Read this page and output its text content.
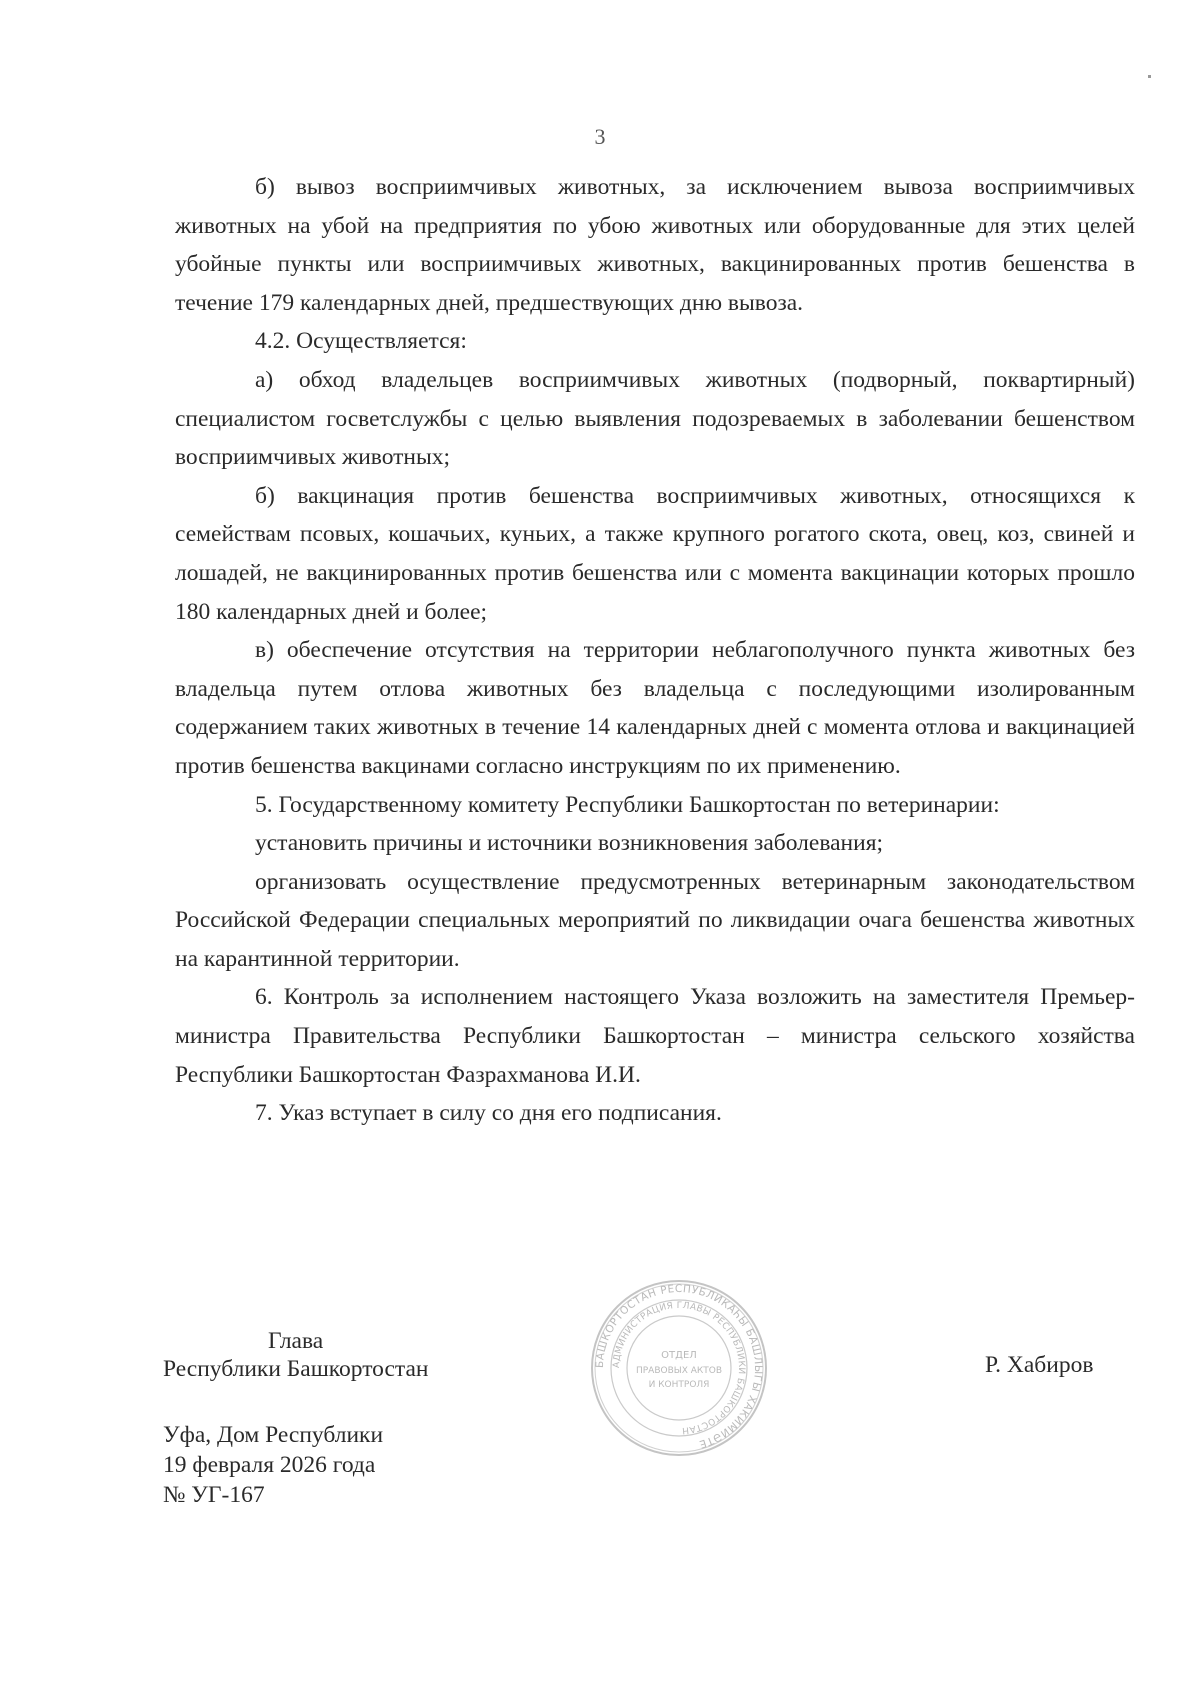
3

б) вывоз восприимчивых животных, за исключением вывоза восприимчивых животных на убой на предприятия по убою животных или оборудованные для этих целей убойные пункты или восприимчивых животных, вакцинированных против бешенства в течение 179 календарных дней, предшествующих дню вывоза.

4.2. Осуществляется:

а) обход владельцев восприимчивых животных (подворный, поквартирный) специалистом госветслужбы с целью выявления подозреваемых в заболевании бешенством восприимчивых животных;

б) вакцинация против бешенства восприимчивых животных, относящихся к семействам псовых, кошачьих, куньих, а также крупного рогатого скота, овец, коз, свиней и лошадей, не вакцинированных против бешенства или с момента вакцинации которых прошло 180 календарных дней и более;

в) обеспечение отсутствия на территории неблагополучного пункта животных без владельца путем отлова животных без владельца с последующими изолированным содержанием таких животных в течение 14 календарных дней с момента отлова и вакцинацией против бешенства вакцинами согласно инструкциям по их применению.

5. Государственному комитету Республики Башкортостан по ветеринарии:

установить причины и источники возникновения заболевания;

организовать осуществление предусмотренных ветеринарным законодательством Российской Федерации специальных мероприятий по ликвидации очага бешенства животных на карантинной территории.

6. Контроль за исполнением настоящего Указа возложить на заместителя Премьер-министра Правительства Республики Башкортостан – министра сельского хозяйства Республики Башкортостан Фазрахманова И.И.

7. Указ вступает в силу со дня его подписания.

Глава
Республики Башкортостан	БАШКОРТОСТАН РЕСПУБЛИКАҺЫ БАШЛЫГЫ ХАКИМИӘТЕ
АДМИНИСТРАЦИЯ ГЛАВЫ РЕСПУБЛИКИ БАШКОРТОСТАН
ОТДЕЛ
ПРАВОВЫХ АКТОВ
И КОНТРОЛЯ
Р. Хабиров
Уфа, Дом Республики
19 февраля 2026 года
№ УГ-167
